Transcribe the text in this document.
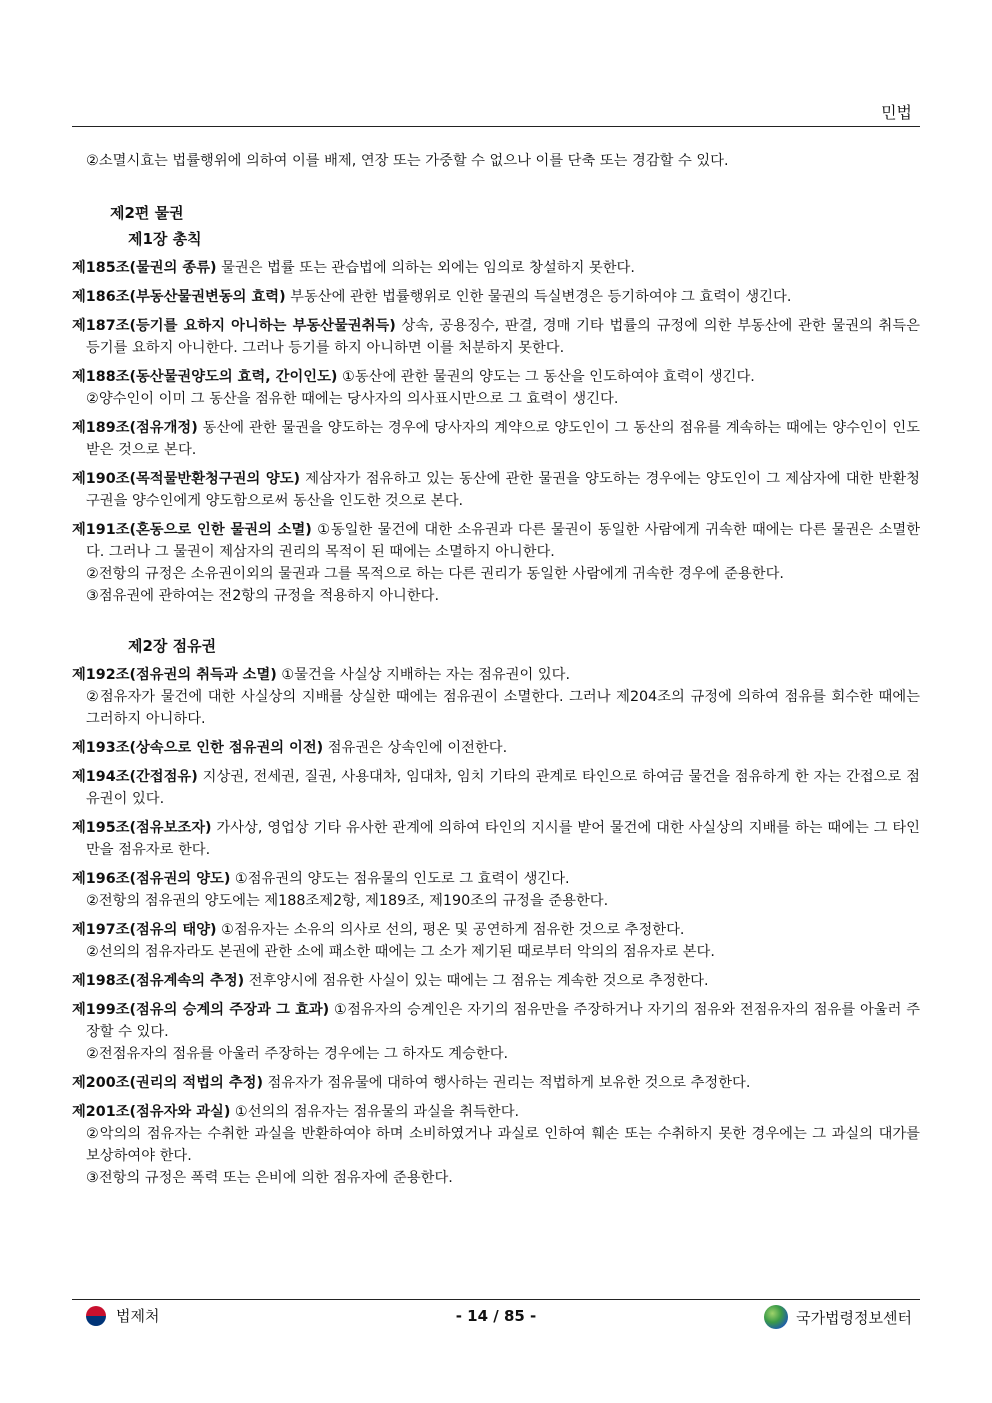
민법

②소멸시효는 법률행위에 의하여 이를 배제, 연장 또는 가중할 수 없으나 이를 단축 또는 경감할 수 있다.

제2편 물권
제1장 총칙
제185조(물권의 종류) 물권은 법률 또는 관습법에 의하는 외에는 임의로 창설하지 못한다.
제186조(부동산물권변동의 효력) 부동산에 관한 법률행위로 인한 물권의 득실변경은 등기하여야 그 효력이 생긴다.
제187조(등기를 요하지 아니하는 부동산물권취득) 상속, 공용징수, 판결, 경매 기타 법률의 규정에 의한 부동산에 관한 물권의 취득은 등기를 요하지 아니한다. 그러나 등기를 하지 아니하면 이를 처분하지 못한다.
제188조(동산물권양도의 효력, 간이인도) ①동산에 관한 물권의 양도는 그 동산을 인도하여야 효력이 생긴다.
②양수인이 이미 그 동산을 점유한 때에는 당사자의 의사표시만으로 그 효력이 생긴다.
제189조(점유개정) 동산에 관한 물권을 양도하는 경우에 당사자의 계약으로 양도인이 그 동산의 점유를 계속하는 때에는 양수인이 인도받은 것으로 본다.
제190조(목적물반환청구권의 양도) 제삼자가 점유하고 있는 동산에 관한 물권을 양도하는 경우에는 양도인이 그 제삼자에 대한 반환청구권을 양수인에게 양도함으로써 동산을 인도한 것으로 본다.
제191조(혼동으로 인한 물권의 소멸) ①동일한 물건에 대한 소유권과 다른 물권이 동일한 사람에게 귀속한 때에는 다른 물권은 소멸한다. 그러나 그 물권이 제삼자의 권리의 목적이 된 때에는 소멸하지 아니한다.
②전항의 규정은 소유권이외의 물권과 그를 목적으로 하는 다른 권리가 동일한 사람에게 귀속한 경우에 준용한다.
③점유권에 관하여는 전2항의 규정을 적용하지 아니한다.
제2장 점유권
제192조(점유권의 취득과 소멸) ①물건을 사실상 지배하는 자는 점유권이 있다.
②점유자가 물건에 대한 사실상의 지배를 상실한 때에는 점유권이 소멸한다. 그러나 제204조의 규정에 의하여 점유를 회수한 때에는 그러하지 아니하다.
제193조(상속으로 인한 점유권의 이전) 점유권은 상속인에 이전한다.
제194조(간접점유) 지상권, 전세권, 질권, 사용대차, 임대차, 임치 기타의 관계로 타인으로 하여금 물건을 점유하게 한 자는 간접으로 점유권이 있다.
제195조(점유보조자) 가사상, 영업상 기타 유사한 관계에 의하여 타인의 지시를 받어 물건에 대한 사실상의 지배를 하는 때에는 그 타인만을 점유자로 한다.
제196조(점유권의 양도) ①점유권의 양도는 점유물의 인도로 그 효력이 생긴다.
②전항의 점유권의 양도에는 제188조제2항, 제189조, 제190조의 규정을 준용한다.
제197조(점유의 태양) ①점유자는 소유의 의사로 선의, 평온 및 공연하게 점유한 것으로 추정한다.
②선의의 점유자라도 본권에 관한 소에 패소한 때에는 그 소가 제기된 때로부터 악의의 점유자로 본다.
제198조(점유계속의 추정) 전후양시에 점유한 사실이 있는 때에는 그 점유는 계속한 것으로 추정한다.
제199조(점유의 승계의 주장과 그 효과) ①점유자의 승계인은 자기의 점유만을 주장하거나 자기의 점유와 전점유자의 점유를 아울러 주장할 수 있다.
②전점유자의 점유를 아울러 주장하는 경우에는 그 하자도 계승한다.
제200조(권리의 적법의 추정) 점유자가 점유물에 대하여 행사하는 권리는 적법하게 보유한 것으로 추정한다.
제201조(점유자와 과실) ①선의의 점유자는 점유물의 과실을 취득한다.
②악의의 점유자는 수취한 과실을 반환하여야 하며 소비하였거나 과실로 인하여 훼손 또는 수취하지 못한 경우에는 그 과실의 대가를 보상하여야 한다.
③전항의 규정은 폭력 또는 은비에 의한 점유자에 준용한다.
법제처	- 14 / 85 -	국가법령정보센터
